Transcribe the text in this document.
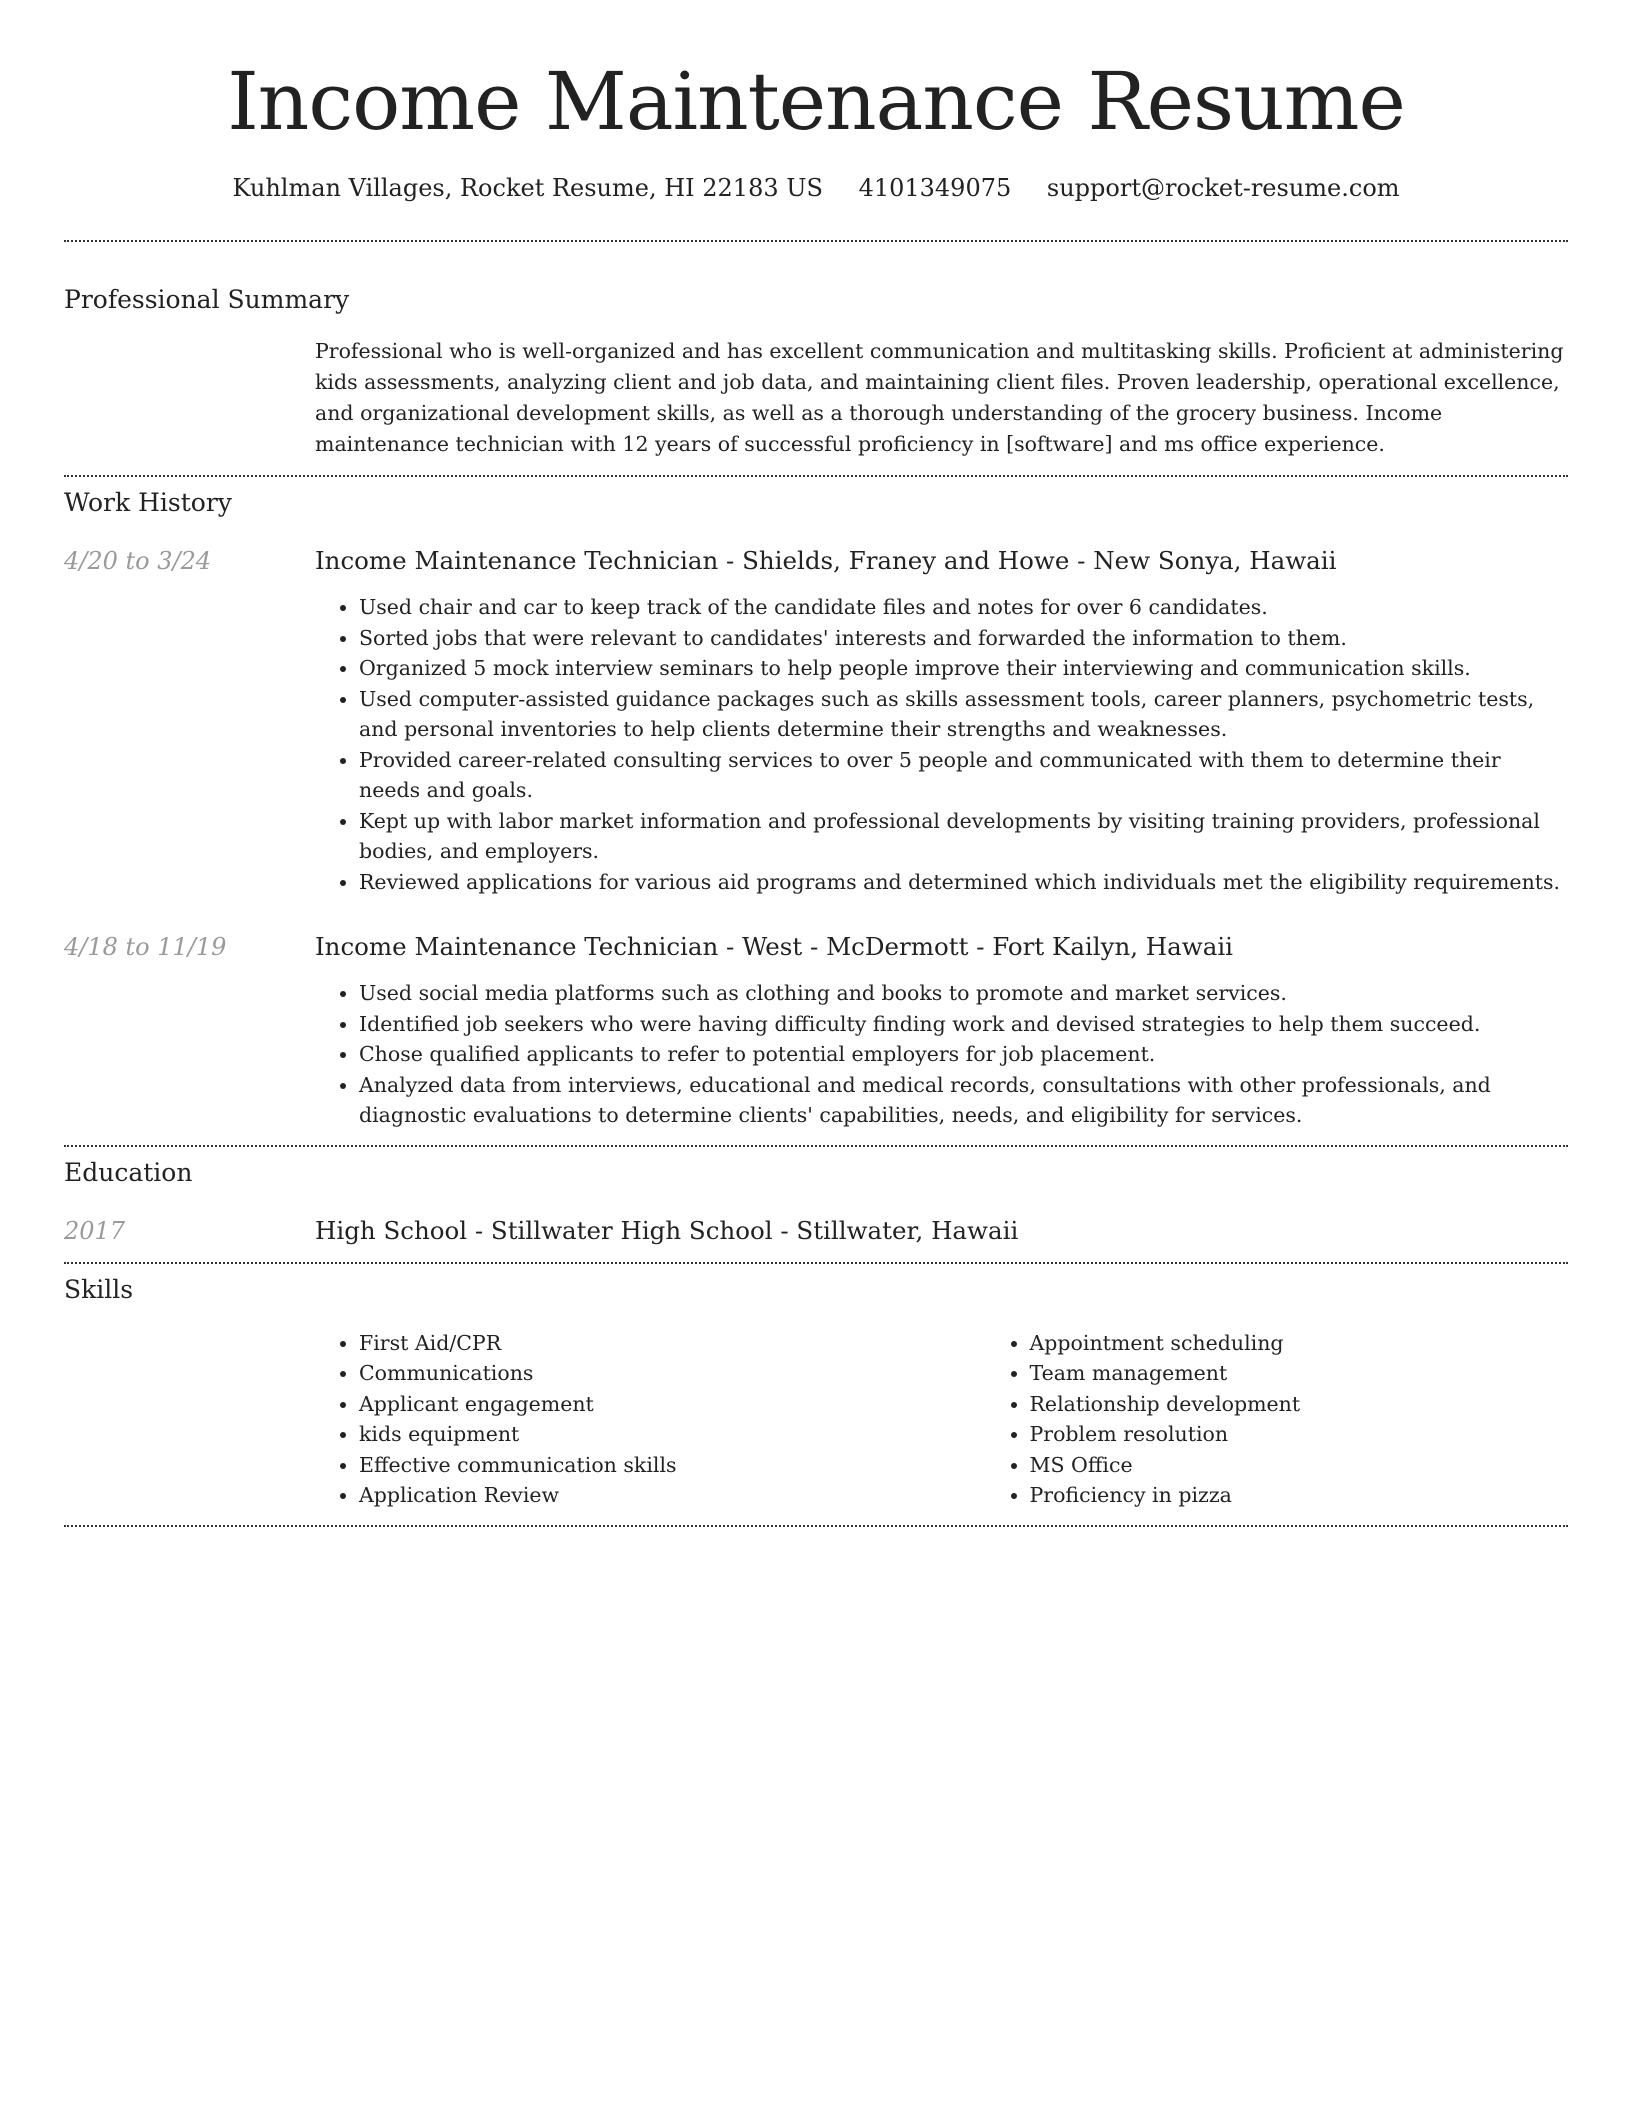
Income Maintenance Resume
Kuhlman Villages, Rocket Resume, HI 22183 US 4101349075 support@rocket-resume.com
Professional Summary

Professional who is well-organized and has excellent communication and multitasking skills. Proficient at administering kids assessments, analyzing client and job data, and maintaining client files. Proven leadership, operational excellence, and organizational development skills, as well as a thorough understanding of the grocery business. Income maintenance technician with 12 years of successful proficiency in [software] and ms office experience.

Work History
4/20 to 3/24	Income Maintenance Technician - Shields, Franey and Howe - New Sonya, Hawaii
• Used chair and car to keep track of the candidate files and notes for over 6 candidates.
• Sorted jobs that were relevant to candidates' interests and forwarded the information to them.
• Organized 5 mock interview seminars to help people improve their interviewing and communication skills.
• Used computer-assisted guidance packages such as skills assessment tools, career planners, psychometric tests, and personal inventories to help clients determine their strengths and weaknesses.
• Provided career-related consulting services to over 5 people and communicated with them to determine their needs and goals.
• Kept up with labor market information and professional developments by visiting training providers, professional bodies, and employers.
• Reviewed applications for various aid programs and determined which individuals met the eligibility requirements.
4/18 to 11/19	Income Maintenance Technician - West - McDermott - Fort Kailyn, Hawaii
• Used social media platforms such as clothing and books to promote and market services.
• Identified job seekers who were having difficulty finding work and devised strategies to help them succeed.
• Chose qualified applicants to refer to potential employers for job placement.
• Analyzed data from interviews, educational and medical records, consultations with other professionals, and diagnostic evaluations to determine clients' capabilities, needs, and eligibility for services.
Education
2017	High School - Stillwater High School - Stillwater, Hawaii
Skills
• First Aid/CPR
• Communications
• Applicant engagement
• kids equipment
• Effective communication skills
• Application Review
• Appointment scheduling
• Team management
• Relationship development
• Problem resolution
• MS Office
• Proficiency in pizza
